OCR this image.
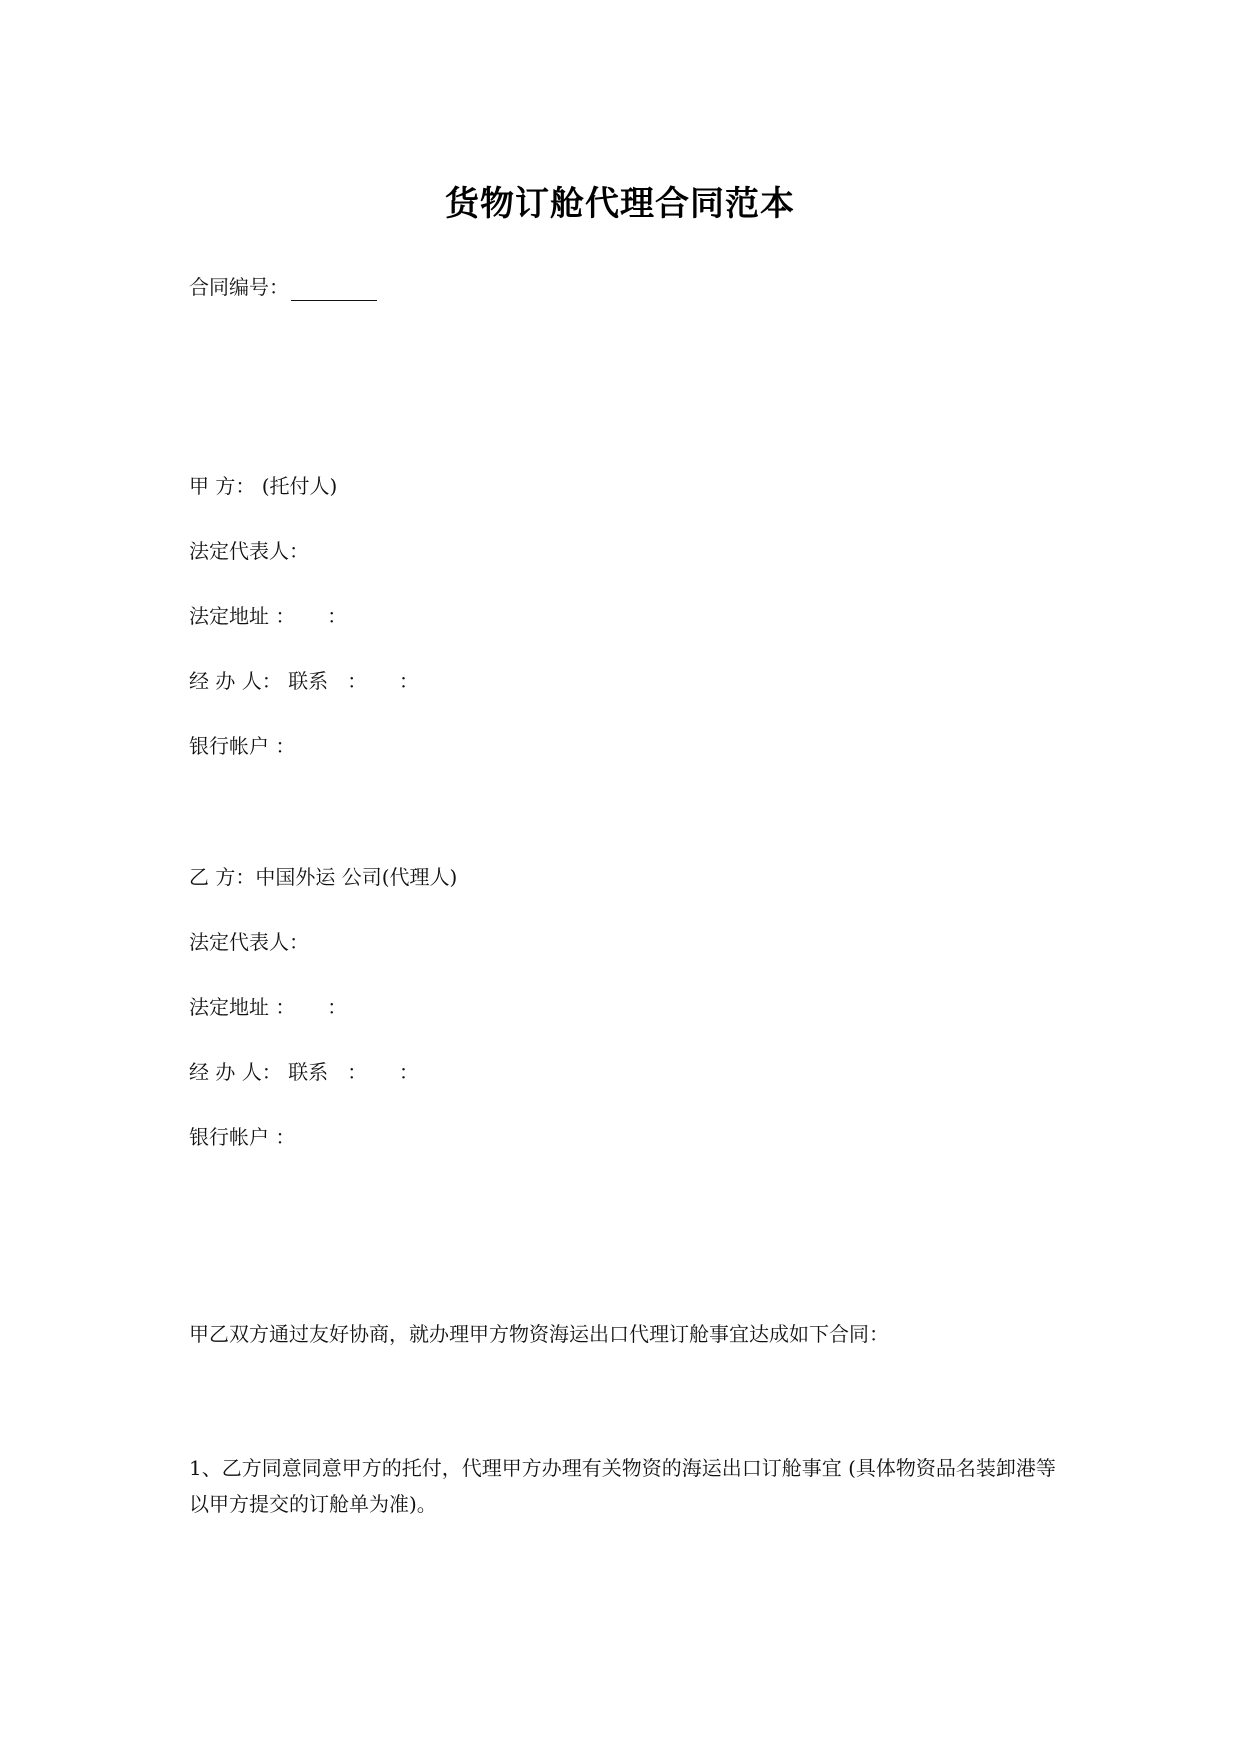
货物订舱代理合同范本
合同编号：
甲 方： (托付人)
法定代表人：
法定地址 ：     ：
经 办 人： 联系   ：     ：
银行帐户 ：
乙 方：中国外运 公司(代理人)
法定代表人：
法定地址 ：     ：
经 办 人： 联系   ：     ：
银行帐户 ：
甲乙双方通过友好协商，就办理甲方物资海运出口代理订舱事宜达成如下合同：
1、乙方同意同意甲方的托付，代理甲方办理有关物资的海运出口订舱事宜 (具体物资品名装卸港等以甲方提交的订舱单为准)。
